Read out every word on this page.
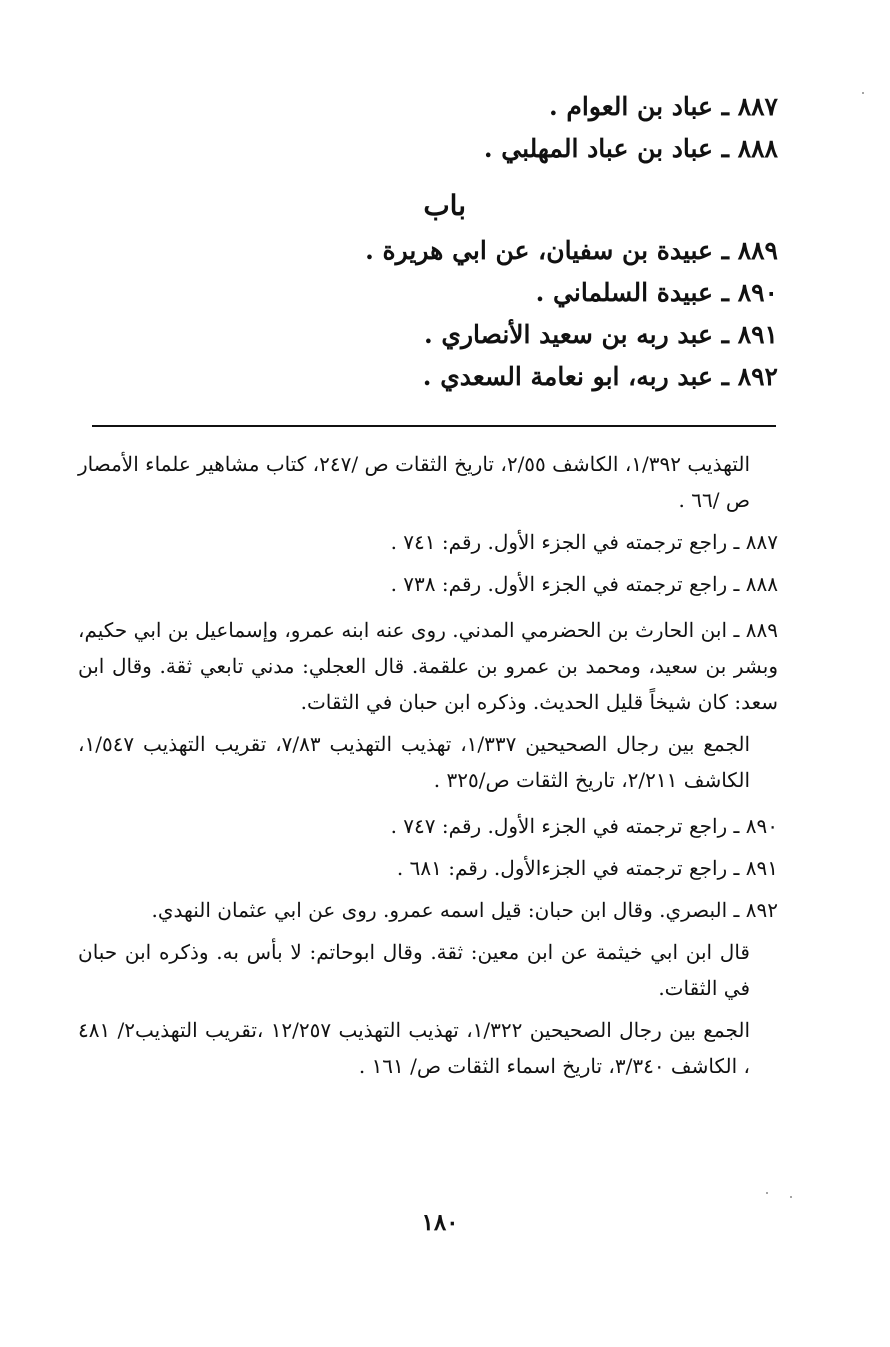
٨٨٧ ـ عباد بن العوام .
٨٨٨ ـ عباد بن عباد المهلبي .
باب
٨٨٩ ـ عبيدة بن سفيان، عن ابي هريرة .
٨٩٠ ـ عبيدة السلماني .
٨٩١ ـ عبد ربه بن سعيد الأنصاري .
٨٩٢ ـ عبد ربه، ابو نعامة السعدي .
التهذيب ١/٣٩٢، الكاشف ٢/٥٥، تاريخ الثقات ص /٢٤٧، كتاب مشاهير علماء الأمصار ص /٦٦ .
٨٨٧ ـ راجع ترجمته في الجزء الأول. رقم: ٧٤١ .
٨٨٨ ـ راجع ترجمته في الجزء الأول. رقم: ٧٣٨ .
٨٨٩ ـ ابن الحارث بن الحضرمي المدني. روى عنه ابنه عمرو، وإسماعيل بن ابي حكيم، وبشر بن سعيد، ومحمد بن عمرو بن علقمة. قال العجلي: مدني تابعي ثقة. وقال ابن سعد: كان شيخاً قليل الحديث. وذكره ابن حبان في الثقات.
الجمع بين رجال الصحيحين ١/٣٣٧، تهذيب التهذيب ٧/٨٣، تقريب التهذيب ١/٥٤٧، الكاشف ٢/٢١١، تاريخ الثقات ص/٣٢٥ .
٨٩٠ ـ راجع ترجمته في الجزء الأول. رقم: ٧٤٧ .
٨٩١ ـ راجع ترجمته في الجزءالأول. رقم: ٦٨١ .
٨٩٢ ـ البصري. وقال ابن حبان: قيل اسمه عمرو. روى عن ابي عثمان النهدي.
قال ابن ابي خيثمة عن ابن معين: ثقة. وقال ابوحاتم: لا بأس به. وذكره ابن حبان في الثقات.
الجمع بين رجال الصحيحين ١/٣٢٢، تهذيب التهذيب ١٢/٢٥٧ ،تقريب التهذيب٢/ ٤٨١ ، الكاشف ٣/٣٤٠، تاريخ اسماء الثقات ص/ ١٦١ .
١٨٠
